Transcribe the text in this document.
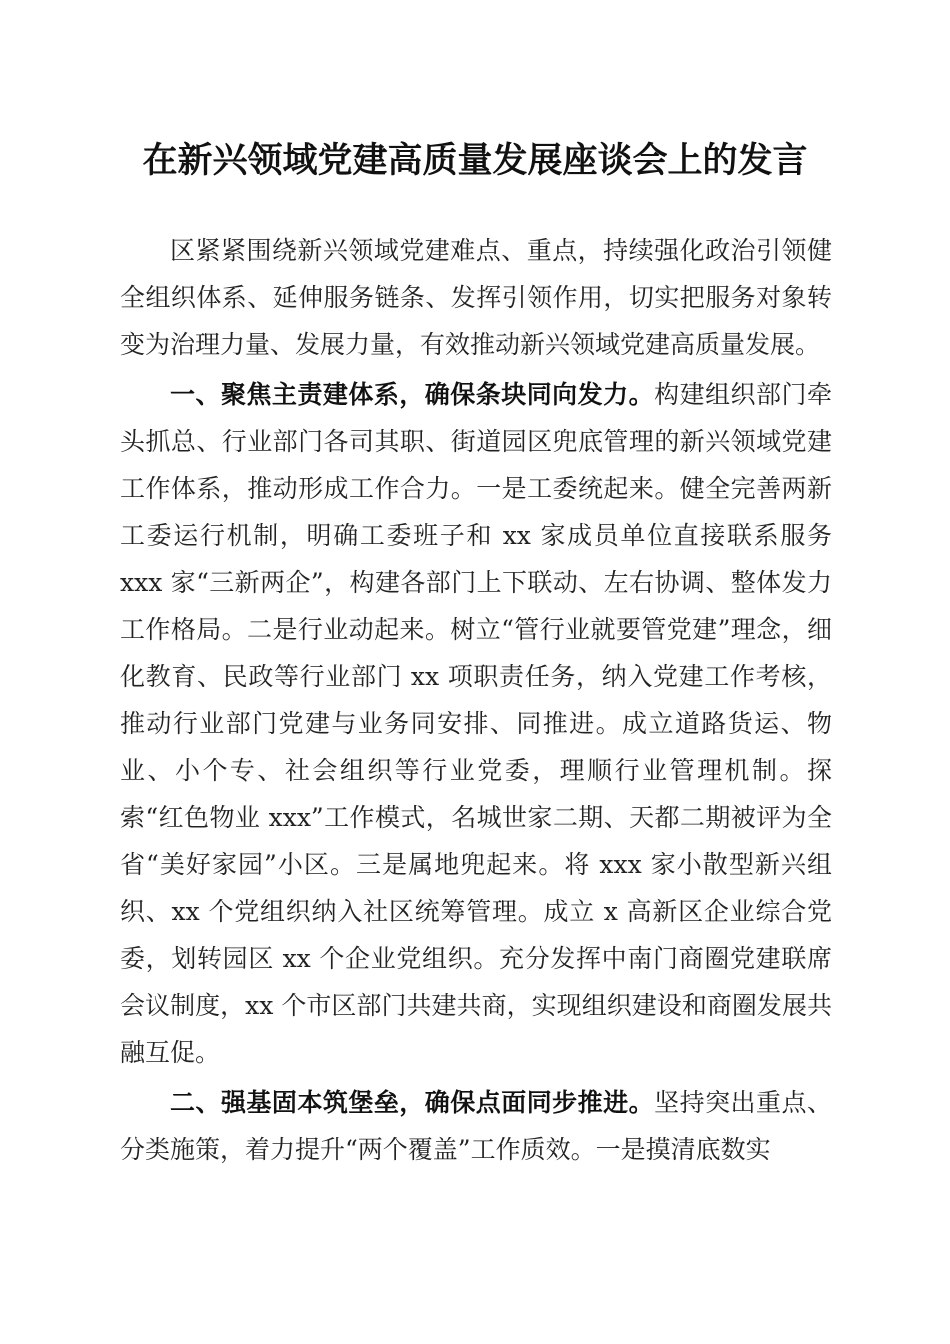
在新兴领域党建高质量发展座谈会上的发言

区紧紧围绕新兴领域党建难点、重点，持续强化政治引领健全组织体系、延伸服务链条、发挥引领作用，切实把服务对象转变为治理力量、发展力量，有效推动新兴领域党建高质量发展。

一、聚焦主责建体系，确保条块同向发力。构建组织部门牵头抓总、行业部门各司其职、街道园区兜底管理的新兴领域党建工作体系，推动形成工作合力。一是工委统起来。健全完善两新工委运行机制，明确工委班子和 xx 家成员单位直接联系服务 xxx 家“三新两企”，构建各部门上下联动、左右协调、整体发力工作格局。二是行业动起来。树立“管行业就要管党建”理念，细化教育、民政等行业部门 xx 项职责任务，纳入党建工作考核，推动行业部门党建与业务同安排、同推进。成立道路货运、物业、小个专、社会组织等行业党委，理顺行业管理机制。探索“红色物业 xxx”工作模式，名城世家二期、天都二期被评为全省“美好家园”小区。三是属地兜起来。将 xxx 家小散型新兴组织、xx 个党组织纳入社区统筹管理。成立 x 高新区企业综合党委，划转园区 xx 个企业党组织。充分发挥中南门商圈党建联席会议制度，xx 个市区部门共建共商，实现组织建设和商圈发展共融互促。

二、强基固本筑堡垒，确保点面同步推进。坚持突出重点、分类施策，着力提升“两个覆盖”工作质效。一是摸清底数实
